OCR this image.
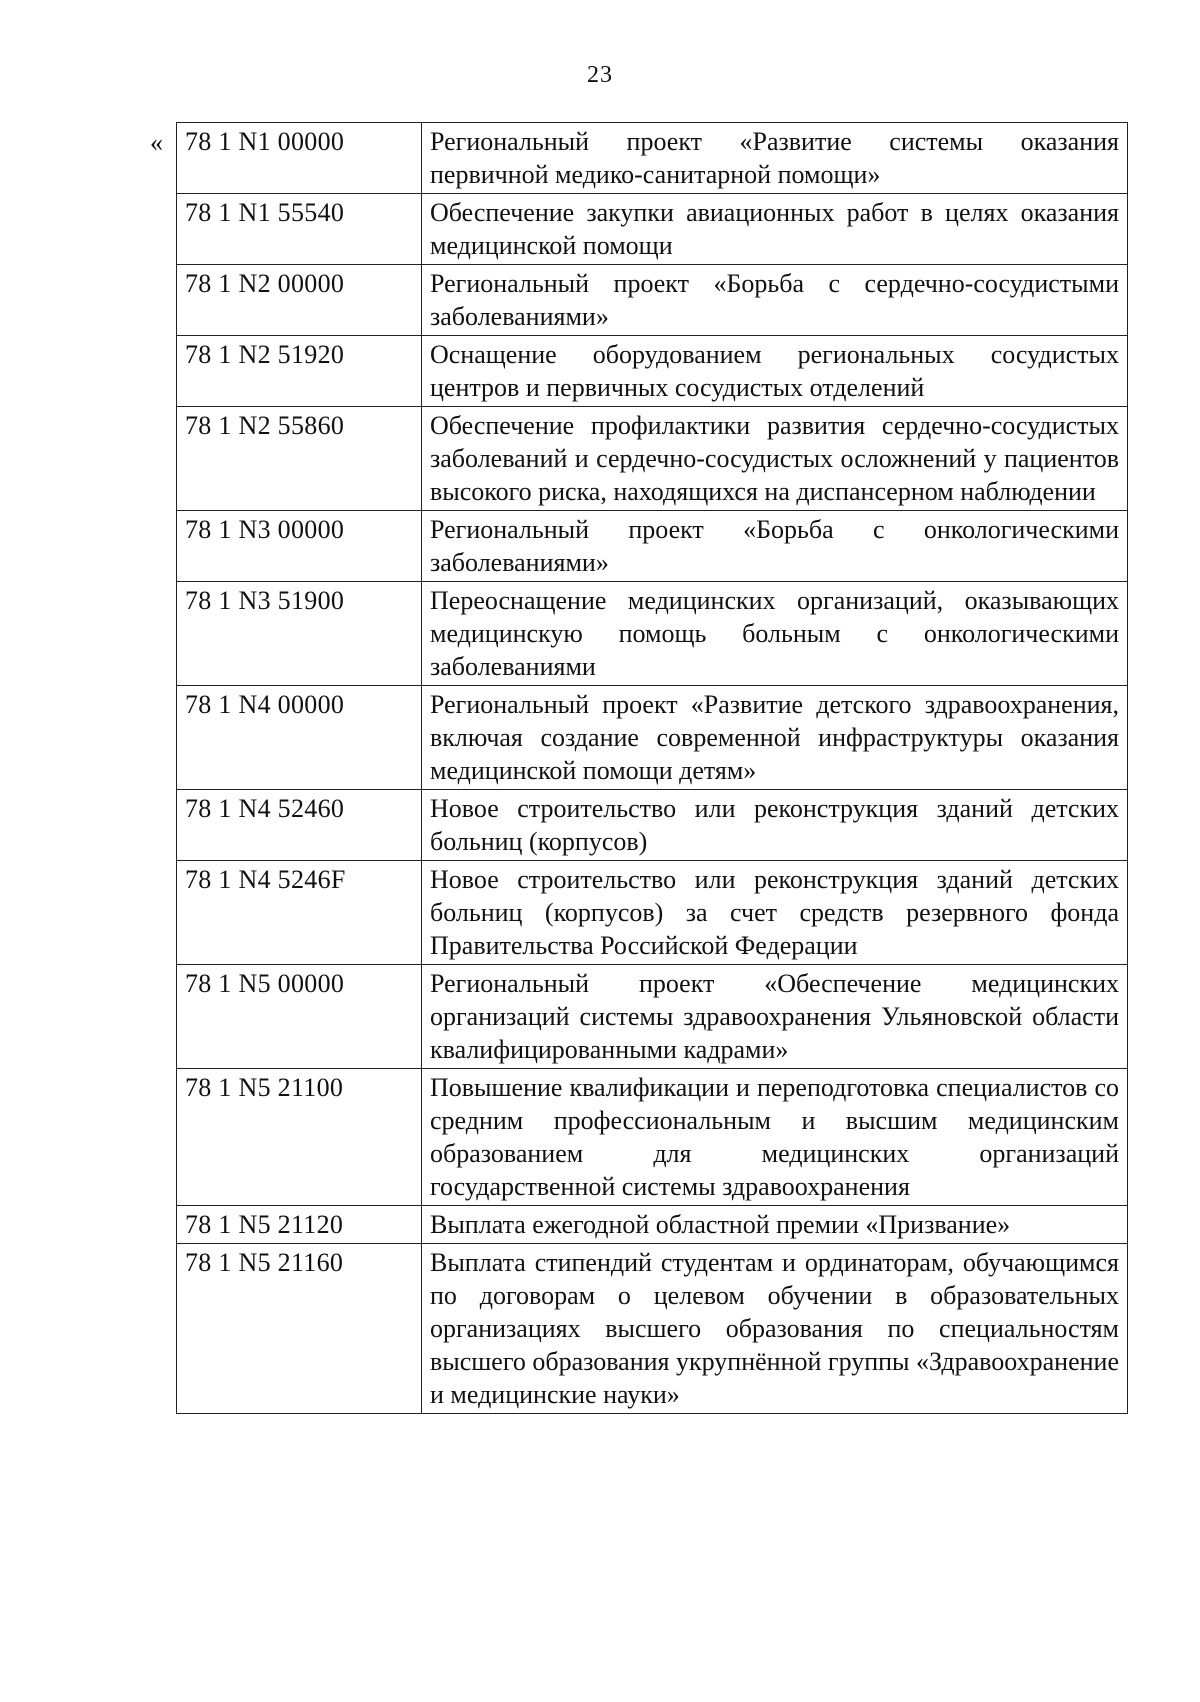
23
« 78 1 N1 00000	Региональный проект «Развитие системы оказания первичной медико-санитарной помощи»
78 1 N1 55540	Обеспечение закупки авиационных работ в целях оказания медицинской помощи
78 1 N2 00000	Региональный проект «Борьба с сердечно-сосудистыми заболеваниями»
78 1 N2 51920	Оснащение оборудованием региональных сосудистых центров и первичных сосудистых отделений
78 1 N2 55860	Обеспечение профилактики развития сердечно-сосудистых заболеваний и сердечно-сосудистых осложнений у пациентов высокого риска, находящихся на диспансерном наблюдении
78 1 N3 00000	Региональный проект «Борьба с онкологическими заболеваниями»
78 1 N3 51900	Переоснащение медицинских организаций, оказывающих медицинскую помощь больным с онкологическими заболеваниями
78 1 N4 00000	Региональный проект «Развитие детского здравоохранения, включая создание современной инфраструктуры оказания медицинской помощи детям»
78 1 N4 52460	Новое строительство или реконструкция зданий детских больниц (корпусов)
78 1 N4 5246F	Новое строительство или реконструкция зданий детских больниц (корпусов) за счет средств резервного фонда Правительства Российской Федерации
78 1 N5 00000	Региональный проект «Обеспечение медицинских организаций системы здравоохранения Ульяновской области квалифицированными кадрами»
78 1 N5 21100	Повышение квалификации и переподготовка специалистов со средним профессиональным и высшим медицинским образованием для медицинских организаций государственной системы здравоохранения
78 1 N5 21120	Выплата ежегодной областной премии «Призвание»
78 1 N5 21160	Выплата стипендий студентам и ординаторам, обучающимся по договорам о целевом обучении в образовательных организациях высшего образования по специальностям высшего образования укрупнённой группы «Здравоохранение и медицинские науки»
